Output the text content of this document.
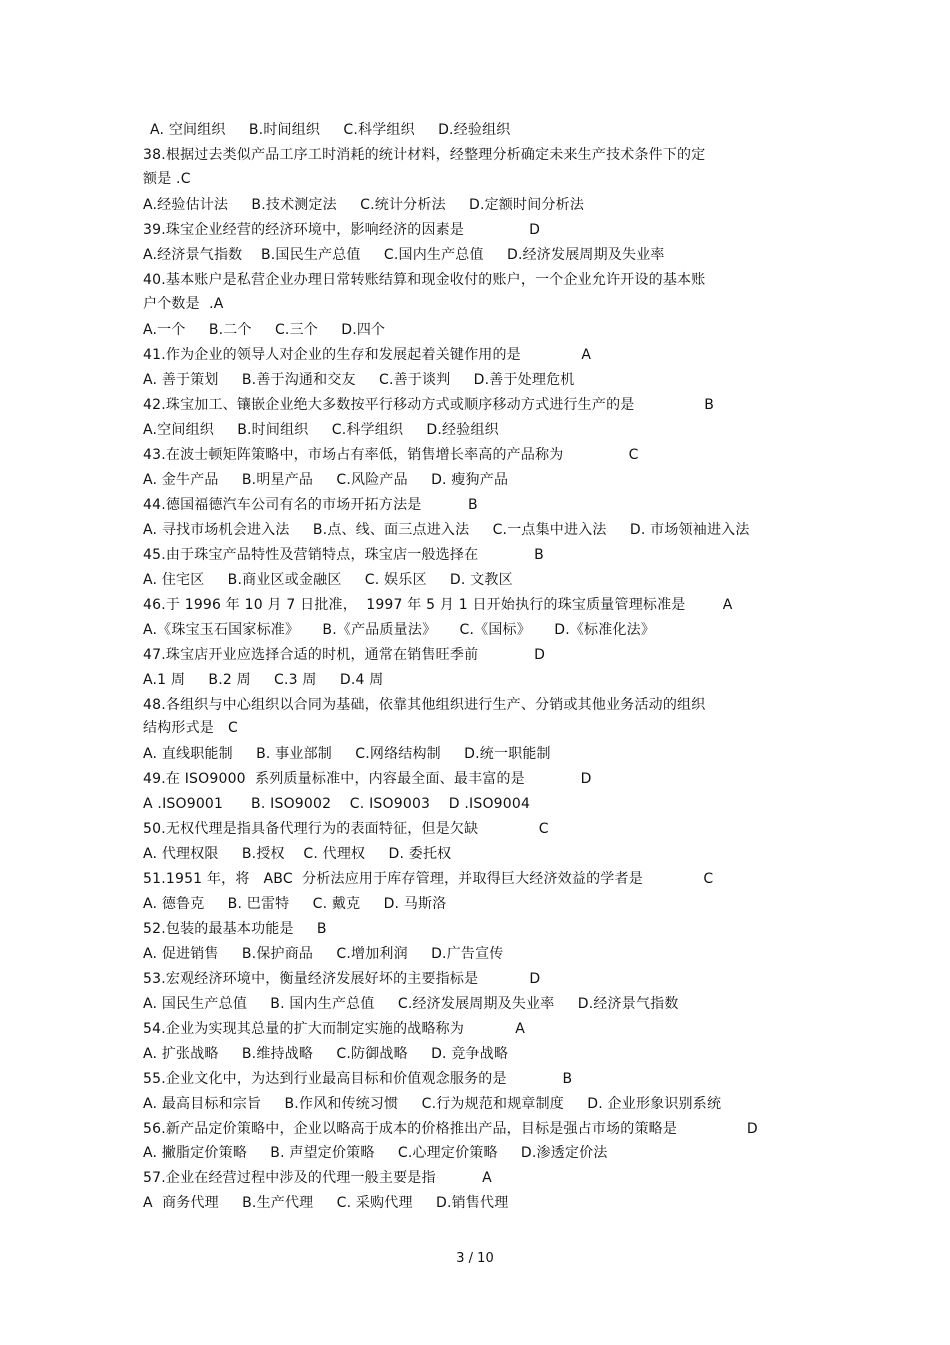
A. 空间组织     B.时间组织     C.科学组织     D.经验组织
38.根据过去类似产品工序工时消耗的统计材料，经整理分析确定未来生产技术条件下的定
额是 .C
A.经验估计法     B.技术测定法     C.统计分析法     D.定额时间分析法
39.珠宝企业经营的经济环境中，影响经济的因素是              D
A.经济景气指数    B.国民生产总值     C.国内生产总值     D.经济发展周期及失业率
40.基本账户是私营企业办理日常转账结算和现金收付的账户，一个企业允许开设的基本账
户个数是  .A
A.一个     B.二个     C.三个     D.四个
41.作为企业的领导人对企业的生存和发展起着关键作用的是             A
A. 善于策划     B.善于沟通和交友     C.善于谈判     D.善于处理危机
42.珠宝加工、镶嵌企业绝大多数按平行移动方式或顺序移动方式进行生产的是               B
A.空间组织     B.时间组织     C.科学组织     D.经验组织
43.在波士顿矩阵策略中，市场占有率低，销售增长率高的产品称为              C
A. 金牛产品     B.明星产品     C.风险产品     D. 瘦狗产品
44.德国福德汽车公司有名的市场开拓方法是          B
A. 寻找市场机会进入法     B.点、线、面三点进入法     C.一点集中进入法     D. 市场领袖进入法
45.由于珠宝产品特性及营销特点，珠宝店一般选择在            B
A. 住宅区     B.商业区或金融区     C. 娱乐区     D. 文教区
46.于 1996 年 10 月 7 日批准，  1997 年 5 月 1 日开始执行的珠宝质量管理标准是        A
A.《珠宝玉石国家标准》     B.《产品质量法》     C.《国标》     D.《标准化法》
47.珠宝店开业应选择合适的时机，通常在销售旺季前            D
A.1 周     B.2 周     C.3 周     D.4 周
48.各组织与中心组织以合同为基础，依靠其他组织进行生产、分销或其他业务活动的组织
结构形式是   C
A. 直线职能制     B. 事业部制     C.网络结构制     D.统一职能制
49.在 ISO9000  系列质量标准中，内容最全面、最丰富的是            D
A .ISO9001      B. ISO9002    C. ISO9003    D .ISO9004
50.无权代理是指具备代理行为的表面特征，但是欠缺             C
A. 代理权限     B.授权    C. 代理权     D. 委托权
51.1951 年，将   ABC  分析法应用于库存管理，并取得巨大经济效益的学者是             C
A. 德鲁克     B. 巴雷特     C. 戴克     D. 马斯洛
52.包装的最基本功能是     B
A. 促进销售     B.保护商品     C.增加利润     D.广告宣传
53.宏观经济环境中，衡量经济发展好坏的主要指标是           D
A. 国民生产总值     B. 国内生产总值     C.经济发展周期及失业率     D.经济景气指数
54.企业为实现其总量的扩大而制定实施的战略称为           A
A. 扩张战略     B.维持战略     C.防御战略     D. 竞争战略
55.企业文化中，为达到行业最高目标和价值观念服务的是            B
A. 最高目标和宗旨     B.作风和传统习惯     C.行为规范和规章制度     D. 企业形象识别系统
56.新产品定价策略中，企业以略高于成本的价格推出产品，目标是强占市场的策略是               D
A. 撇脂定价策略     B. 声望定价策略     C.心理定价策略     D.渗透定价法
57.企业在经营过程中涉及的代理一般主要是指          A
A  商务代理     B.生产代理     C. 采购代理     D.销售代理
3 / 10
